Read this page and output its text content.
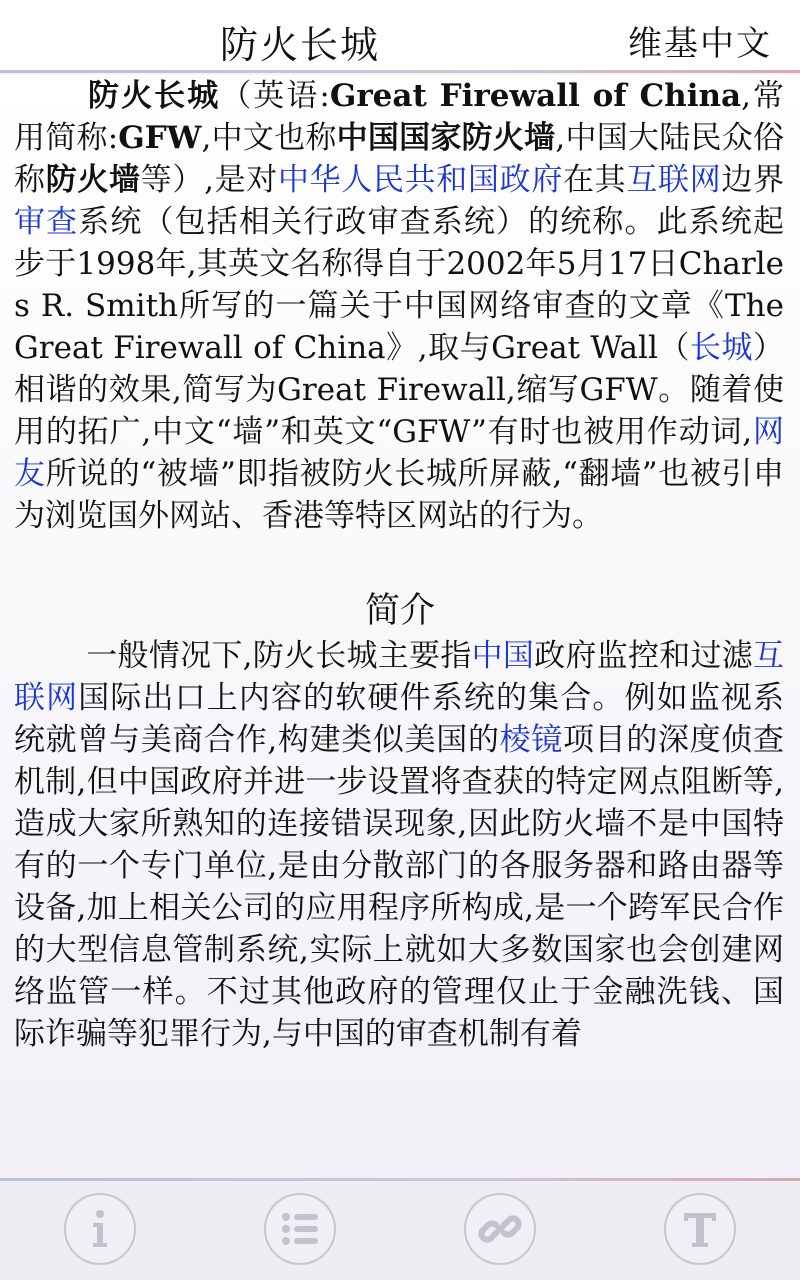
防火长城	维基中文

防火长城（英语:Great Firewall of China,常用简称:GFW,中文也称中国国家防火墙,中国大陆民众俗称防火墙等）,是对中华人民共和国政府在其互联网边界审查系统（包括相关行政审查系统）的统称。此系统起步于1998年,其英文名称得自于2002年5月17日Charles R. Smith所写的一篇关于中国网络审查的文章《The Great Firewall of China》,取与Great Wall（长城）相谐的效果,简写为Great Firewall,缩写GFW。随着使用的拓广,中文“墙”和英文“GFW”有时也被用作动词,网友所说的“被墙”即指被防火长城所屏蔽,“翻墙”也被引申为浏览国外网站、香港等特区网站的行为。

简介

一般情况下,防火长城主要指中国政府监控和过滤互联网国际出口上内容的软硬件系统的集合。例如监视系统就曾与美商合作,构建类似美国的棱镜项目的深度侦查机制,但中国政府并进一步设置将查获的特定网点阻断等,造成大家所熟知的连接错误现象,因此防火墙不是中国特有的一个专门单位,是由分散部门的各服务器和路由器等设备,加上相关公司的应用程序所构成,是一个跨军民合作的大型信息管制系统,实际上就如大多数国家也会创建网络监管一样。不过其他政府的管理仅止于金融洗钱、国际诈骗等犯罪行为,与中国的审查机制有着
